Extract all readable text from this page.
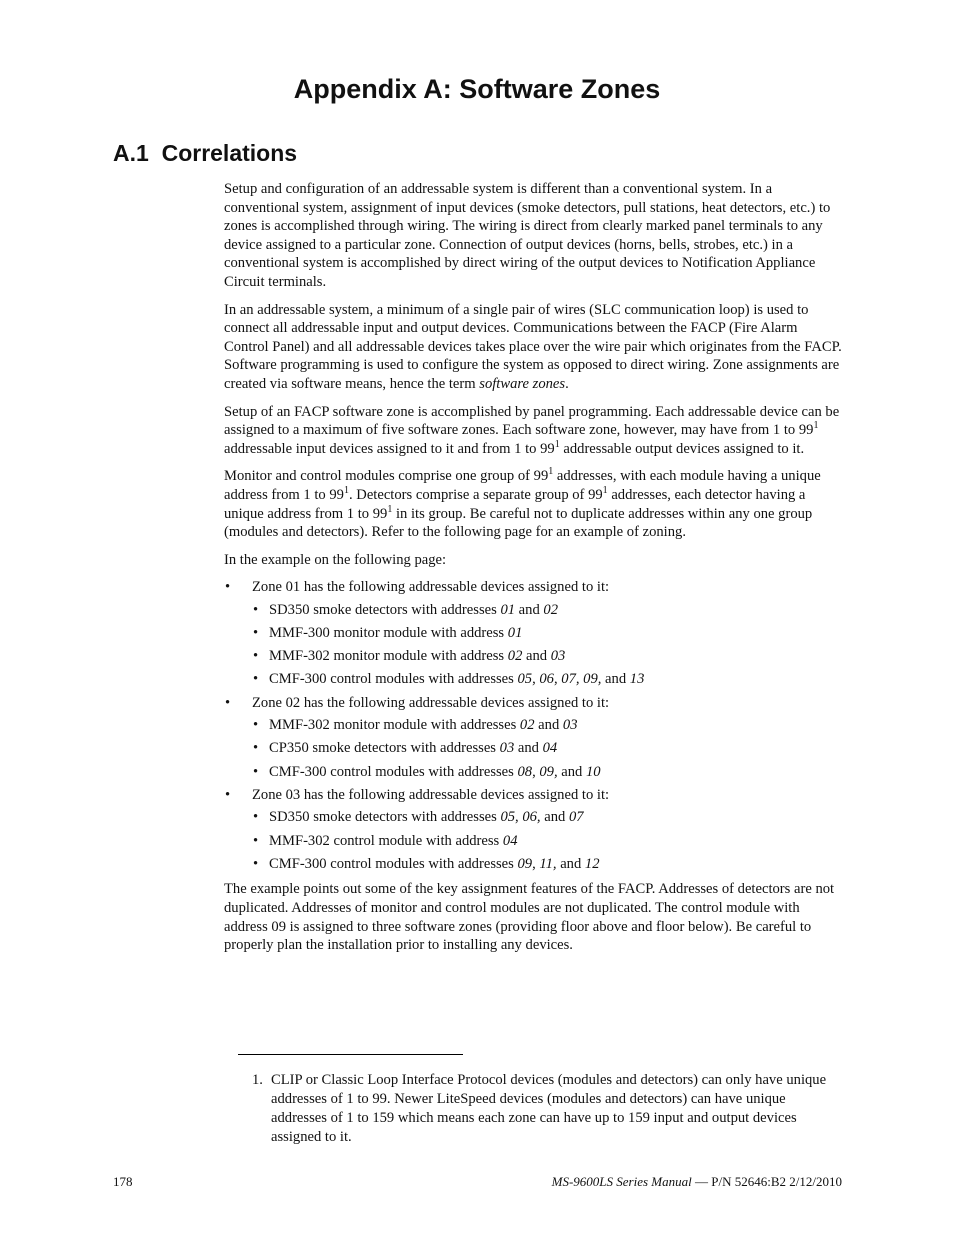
Appendix A: Software Zones
A.1 Correlations

Setup and configuration of an addressable system is different than a conventional system. In a conventional system, assignment of input devices (smoke detectors, pull stations, heat detectors, etc.) to zones is accomplished through wiring. The wiring is direct from clearly marked panel terminals to any device assigned to a particular zone. Connection of output devices (horns, bells, strobes, etc.) in a conventional system is accomplished by direct wiring of the output devices to Notification Appliance Circuit terminals.

In an addressable system, a minimum of a single pair of wires (SLC communication loop) is used to connect all addressable input and output devices. Communications between the FACP (Fire Alarm Control Panel) and all addressable devices takes place over the wire pair which originates from the FACP. Software programming is used to configure the system as opposed to direct wiring. Zone assignments are created via software means, hence the term software zones.

Setup of an FACP software zone is accomplished by panel programming. Each addressable device can be assigned to a maximum of five software zones. Each software zone, however, may have from 1 to $99^1$ addressable input devices assigned to it and from 1 to $99^1$ addressable output devices assigned to it.

Monitor and control modules comprise one group of $99^1$ addresses, with each module having a unique address from 1 to $99^1$. Detectors comprise a separate group of $99^1$ addresses, each detector having a unique address from 1 to $99^1$ in its group. Be careful not to duplicate addresses within any one group (modules and detectors). Refer to the following page for an example of zoning.

In the example on the following page:

• Zone 01 has the following addressable devices assigned to it:
• SD350 smoke detectors with addresses 01 and 02
• MMF-300 monitor module with address 01
• MMF-302 monitor module with address 02 and 03
• CMF-300 control modules with addresses 05, 06, 07, 09, and 13
• Zone 02 has the following addressable devices assigned to it:
• MMF-302 monitor module with addresses 02 and 03
• CP350 smoke detectors with addresses 03 and 04
• CMF-300 control modules with addresses 08, 09, and 10
• Zone 03 has the following addressable devices assigned to it:
• SD350 smoke detectors with addresses 05, 06, and 07
• MMF-302 control module with address 04
• CMF-300 control modules with addresses 09, 11, and 12

The example points out some of the key assignment features of the FACP. Addresses of detectors are not duplicated. Addresses of monitor and control modules are not duplicated. The control module with address 09 is assigned to three software zones (providing floor above and floor below). Be careful to properly plan the installation prior to installing any devices.

1. CLIP or Classic Loop Interface Protocol devices (modules and detectors) can only have unique addresses of 1 to 99. Newer LiteSpeed devices (modules and detectors) can have unique addresses of 1 to 159 which means each zone can have up to 159 input and output devices assigned to it.
178	MS-9600LS Series Manual — P/N 52646:B2 2/12/2010
